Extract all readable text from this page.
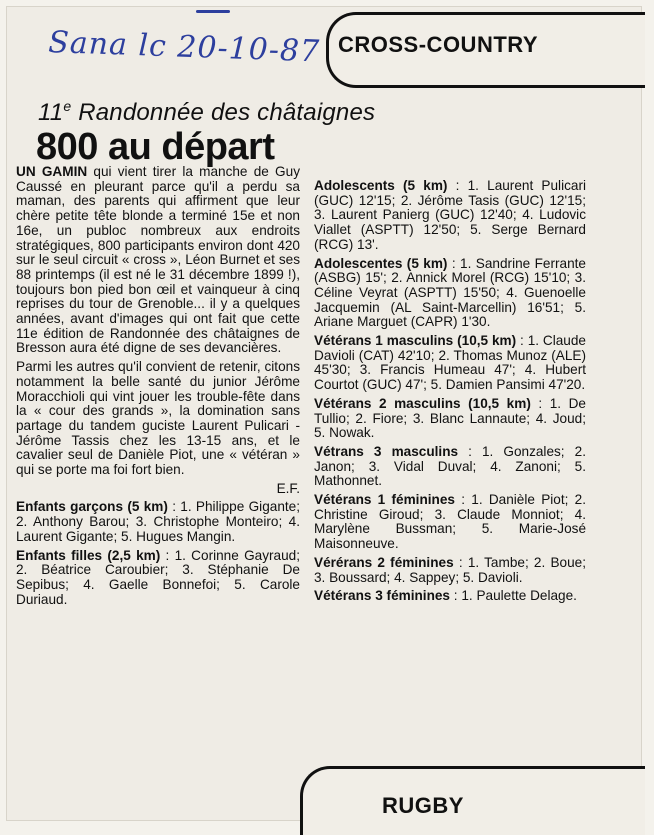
Sana lc 20-10-87 CROSS-COUNTRY
11e Randonnée des châtaignes
800 au départ

UN GAMIN qui vient tirer la manche de Guy Caussé en pleurant parce qu'il a perdu sa maman, des parents qui affirment que leur chère petite tête blonde a terminé 15e et non 16e, un publoc nombreux aux endroits stratégiques, 800 participants environ dont 420 sur le seul circuit « cross », Léon Burnet et ses 88 printemps (il est né le 31 décembre 1899 !), toujours bon pied bon œil et vainqueur à cinq reprises du tour de Grenoble... il y a quelques années, avant d'images qui ont fait que cette 11e édition de Randonnée des châtaignes de Bresson aura été digne de ses devancières.

Parmi les autres qu'il convient de retenir, citons notamment la belle santé du junior Jérôme Moracchioli qui vint jouer les trouble-fête dans la « cour des grands », la domination sans partage du tandem guciste Laurent Pulicari - Jérôme Tassis chez les 13-15 ans, et le cavalier seul de Danièle Piot, une « vétéran » qui se porte ma foi fort bien.

E.F.

Enfants garçons (5 km) : 1. Philippe Gigante; 2. Anthony Barou; 3. Christophe Monteiro; 4. Laurent Gigante; 5. Hugues Mangin.

Enfants filles (2,5 km) : 1. Corinne Gayraud; 2. Béatrice Caroubier; 3. Stéphanie De Sepibus; 4. Gaelle Bonnefoi; 5. Carole Duriaud.

Adolescents (5 km) : 1. Laurent Pulicari (GUC) 12'15; 2. Jérôme Tasis (GUC) 12'15; 3. Laurent Panierg (GUC) 12'40; 4. Ludovic Viallet (ASPTT) 12'50; 5. Serge Bernard (RCG) 13'.

Adolescentes (5 km) : 1. Sandrine Ferrante (ASBG) 15'; 2. Annick Morel (RCG) 15'10; 3. Céline Veyrat (ASPTT) 15'50; 4. Guenoelle Jacquemin (AL Saint-Marcellin) 16'51; 5. Ariane Marguet (CAPR) 1'30.

Vétérans 1 masculins (10,5 km) : 1. Claude Davioli (CAT) 42'10; 2. Thomas Munoz (ALE) 45'30; 3. Francis Humeau 47'; 4. Hubert Courtot (GUC) 47'; 5. Damien Pansimi 47'20.

Vétérans 2 masculins (10,5 km) : 1. De Tullio; 2. Fiore; 3. Blanc Lannaute; 4. Joud; 5. Nowak.

Vétrans 3 masculins : 1. Gonzales; 2. Janon; 3. Vidal Duval; 4. Zanoni; 5. Mathonnet.

Vétérans 1 féminines : 1. Danièle Piot; 2. Christine Giroud; 3. Claude Monniot; 4. Marylène Bussman; 5. Marie-José Maisonneuve.

Vérérans 2 féminines : 1. Tambe; 2. Boue; 3. Boussard; 4. Sappey; 5. Davioli.

Vétérans 3 féminines : 1. Paulette Delage.

RUGBY
